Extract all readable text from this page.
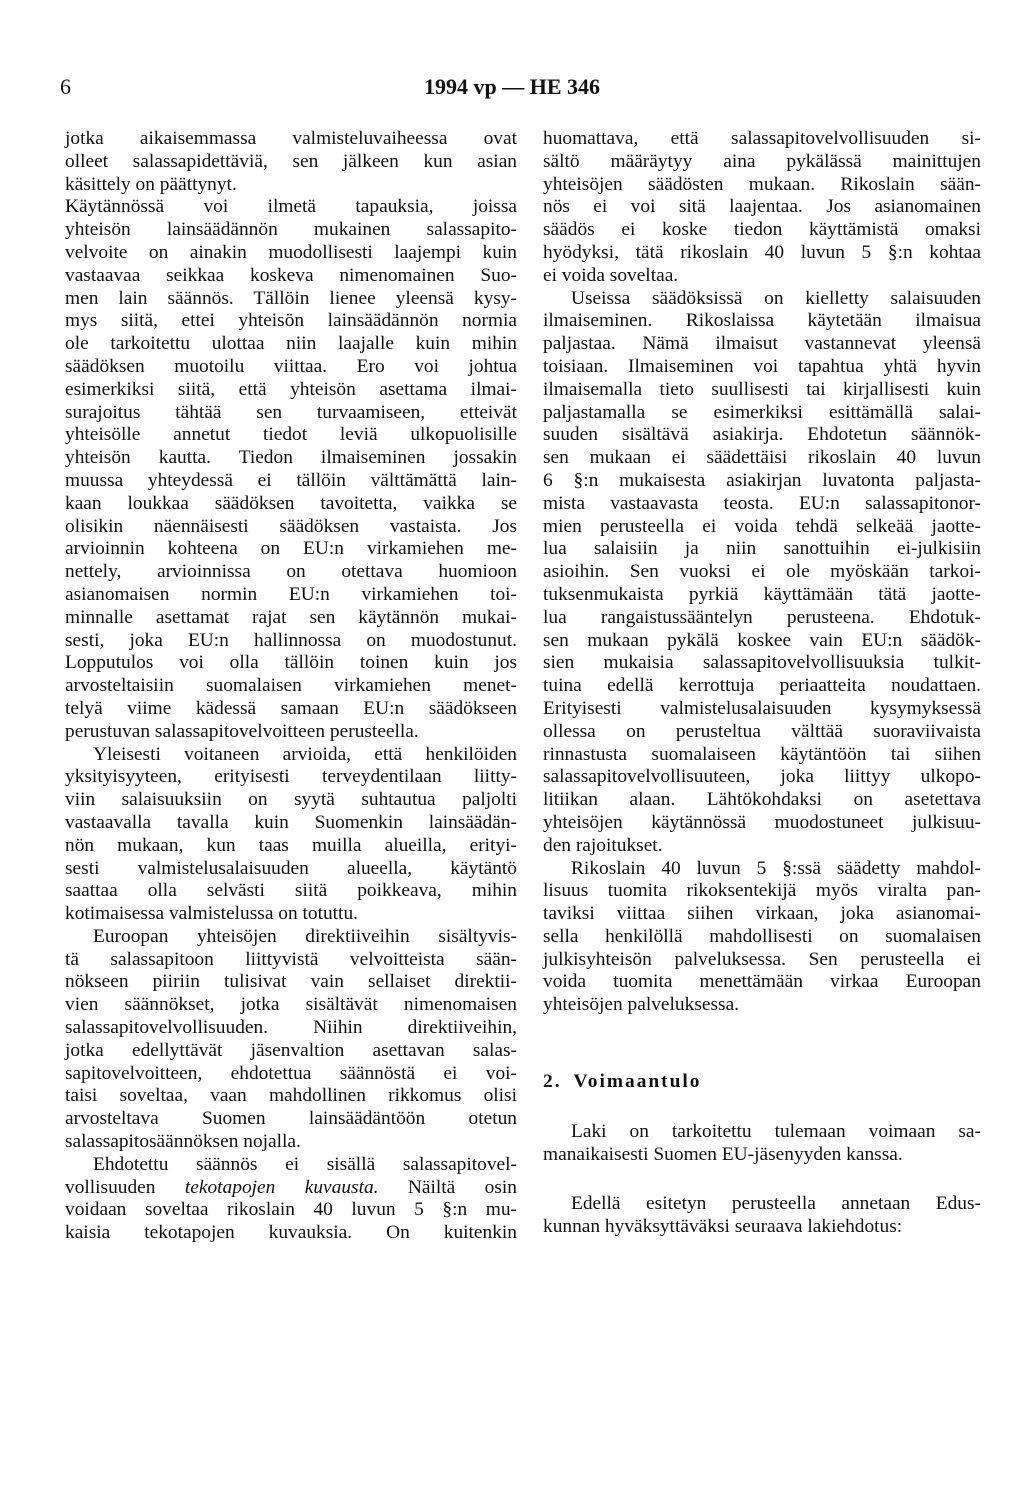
6	1994 vp — HE 346
jotka aikaisemmassa valmisteluvaiheessa ovat
olleet salassapidettäviä, sen jälkeen kun asian
käsittely on päättynyt.
Käytännössä voi ilmetä tapauksia, joissa
yhteisön lainsäädännön mukainen salassapito-
velvoite on ainakin muodollisesti laajempi kuin
vastaavaa seikkaa koskeva nimenomainen Suo-
men lain säännös. Tällöin lienee yleensä kysy-
mys siitä, ettei yhteisön lainsäädännön normia
ole tarkoitettu ulottaa niin laajalle kuin mihin
säädöksen muotoilu viittaa. Ero voi johtua
esimerkiksi siitä, että yhteisön asettama ilmai-
surajoitus tähtää sen turvaamiseen, etteivät
yhteisölle annetut tiedot leviä ulkopuolisille
yhteisön kautta. Tiedon ilmaiseminen jossakin
muussa yhteydessä ei tällöin välttämättä lain-
kaan loukkaa säädöksen tavoitetta, vaikka se
olisikin näennäisesti säädöksen vastaista. Jos
arvioinnin kohteena on EU:n virkamiehen me-
nettely, arvioinnissa on otettava huomioon
asianomaisen normin EU:n virkamiehen toi-
minnalle asettamat rajat sen käytännön mukai-
sesti, joka EU:n hallinnossa on muodostunut.
Lopputulos voi olla tällöin toinen kuin jos
arvosteltaisiin suomalaisen virkamiehen menet-
telyä viime kädessä samaan EU:n säädökseen
perustuvan salassapitovelvoitteen perusteella.
Yleisesti voitaneen arvioida, että henkilöiden
yksityisyyteen, erityisesti terveydentilaan liitty-
viin salaisuuksiin on syytä suhtautua paljolti
vastaavalla tavalla kuin Suomenkin lainsäädän-
nön mukaan, kun taas muilla alueilla, erityi-
sesti valmistelusalaisuuden alueella, käytäntö
saattaa olla selvästi siitä poikkeava, mihin
kotimaisessa valmistelussa on totuttu.
Euroopan yhteisöjen direktiiveihin sisältyvis-
tä salassapitoon liittyvistä velvoitteista sään-
nökseen piiriin tulisivat vain sellaiset direktii-
vien säännökset, jotka sisältävät nimenomaisen
salassapitovelvollisuuden. Niihin direktiiveihin,
jotka edellyttävät jäsenvaltion asettavan salas-
sapitovelvoitteen, ehdotettua säännöstä ei voi-
taisi soveltaa, vaan mahdollinen rikkomus olisi
arvosteltava Suomen lainsäädäntöön otetun
salassapitosäännöksen nojalla.
Ehdotettu säännös ei sisällä salassapitovel-
vollisuuden tekotapojen kuvausta. Näiltä osin
voidaan soveltaa rikoslain 40 luvun 5 §:n mu-
kaisia tekotapojen kuvauksia. On kuitenkin
huomattava, että salassapitovelvollisuuden si-
sältö määräytyy aina pykälässä mainittujen
yhteisöjen säädösten mukaan. Rikoslain sään-
nös ei voi sitä laajentaa. Jos asianomainen
säädös ei koske tiedon käyttämistä omaksi
hyödyksi, tätä rikoslain 40 luvun 5 §:n kohtaa
ei voida soveltaa.
Useissa säädöksissä on kielletty salaisuuden
ilmaiseminen. Rikoslaissa käytetään ilmaisua
paljastaa. Nämä ilmaisut vastannevat yleensä
toisiaan. Ilmaiseminen voi tapahtua yhtä hyvin
ilmaisemalla tieto suullisesti tai kirjallisesti kuin
paljastamalla se esimerkiksi esittämällä salai-
suuden sisältävä asiakirja. Ehdotetun säännök-
sen mukaan ei säädettäisi rikoslain 40 luvun
6 §:n mukaisesta asiakirjan luvatonta paljasta-
mista vastaavasta teosta. EU:n salassapitonor-
mien perusteella ei voida tehdä selkeää jaotte-
lua salaisiin ja niin sanottuihin ei-julkisiin
asioihin. Sen vuoksi ei ole myöskään tarkoi-
tuksenmukaista pyrkiä käyttämään tätä jaotte-
lua rangaistussääntelyn perusteena. Ehdotuk-
sen mukaan pykälä koskee vain EU:n säädök-
sien mukaisia salassapitovelvollisuuksia tulkit-
tuina edellä kerrottuja periaatteita noudattaen.
Erityisesti valmistelusalaisuuden kysymyksessä
ollessa on perusteltua välttää suoraviivaista
rinnastusta suomalaiseen käytäntöön tai siihen
salassapitovelvollisuuteen, joka liittyy ulkopo-
litiikan alaan. Lähtökohdaksi on asetettava
yhteisöjen käytännössä muodostuneet julkisuu-
den rajoitukset.
Rikoslain 40 luvun 5 §:ssä säädetty mahdol-
lisuus tuomita rikoksentekijä myös viralta pan-
taviksi viittaa siihen virkaan, joka asianomai-
sella henkilöllä mahdollisesti on suomalaisen
julkisyhteisön palveluksessa. Sen perusteella ei
voida tuomita menettämään virkaa Euroopan
yhteisöjen palveluksessa.
2. Voimaantulo
Laki on tarkoitettu tulemaan voimaan sa-
manaikaisesti Suomen EU-jäsenyyden kanssa.
Edellä esitetyn perusteella annetaan Edus-
kunnan hyväksyttäväksi seuraava lakiehdotus:
